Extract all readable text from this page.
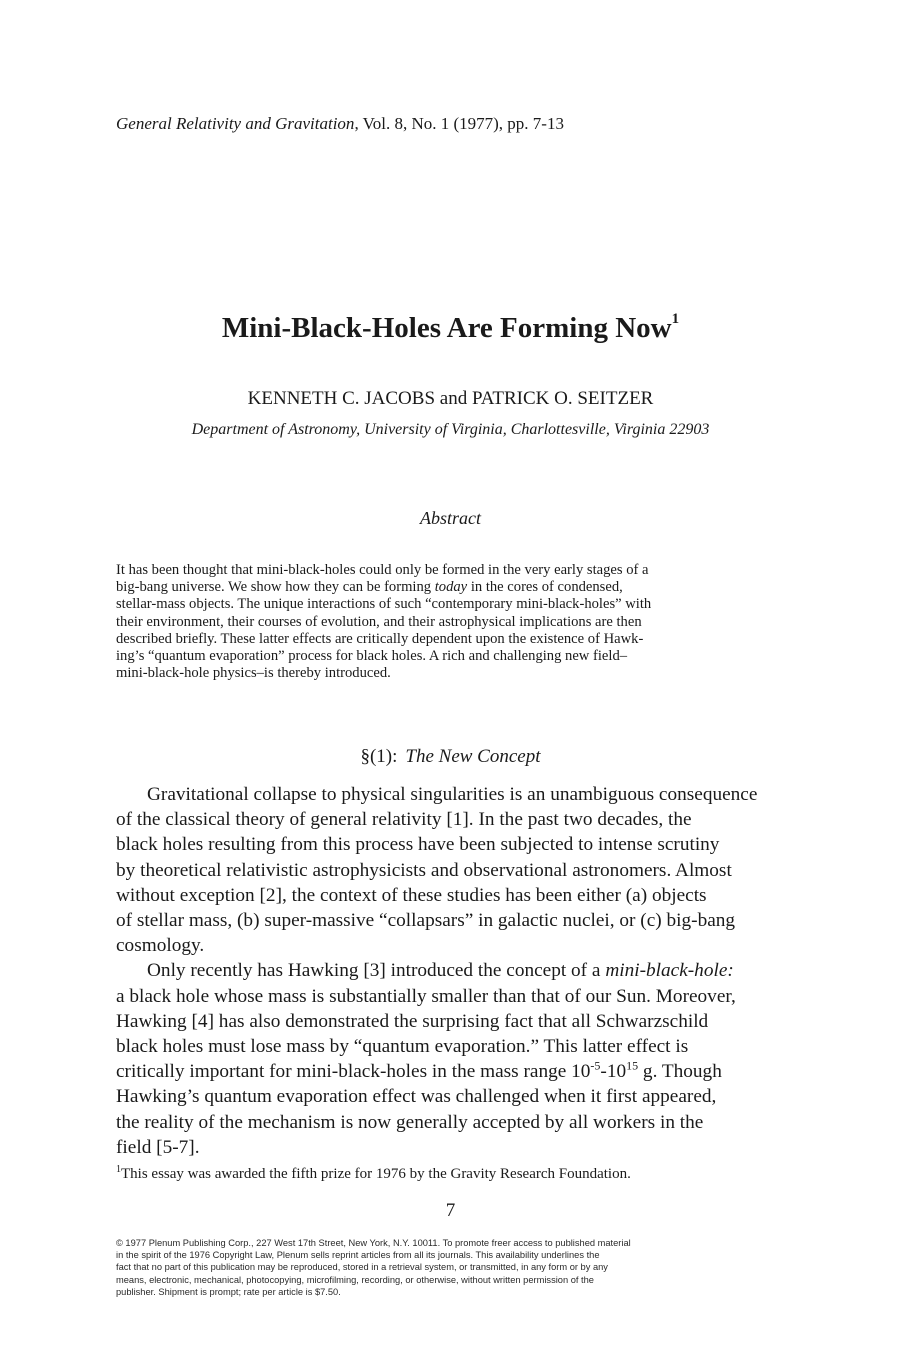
General Relativity and Gravitation, Vol. 8, No. 1 (1977), pp. 7-13
Mini-Black-Holes Are Forming Now$^1$
KENNETH C. JACOBS and PATRICK O. SEITZER
Department of Astronomy, University of Virginia, Charlottesville, Virginia 22903
Abstract
It has been thought that mini-black-holes could only be formed in the very early stages of a
big-bang universe. We show how they can be forming today in the cores of condensed,
stellar-mass objects. The unique interactions of such “contemporary mini-black-holes” with
their environment, their courses of evolution, and their astrophysical implications are then
described briefly. These latter effects are critically dependent upon the existence of Hawk-
ing’s “quantum evaporation” process for black holes. A rich and challenging new field–
mini-black-hole physics–is thereby introduced.
§(1): The New Concept
Gravitational collapse to physical singularities is an unambiguous consequence
of the classical theory of general relativity [1]. In the past two decades, the
black holes resulting from this process have been subjected to intense scrutiny
by theoretical relativistic astrophysicists and observational astronomers. Almost
without exception [2], the context of these studies has been either (a) objects
of stellar mass, (b) super-massive “collapsars” in galactic nuclei, or (c) big-bang
cosmology.
Only recently has Hawking [3] introduced the concept of a mini-black-hole:
a black hole whose mass is substantially smaller than that of our Sun. Moreover,
Hawking [4] has also demonstrated the surprising fact that all Schwarzschild
black holes must lose mass by “quantum evaporation.” This latter effect is
critically important for mini-black-holes in the mass range $10^{-5}-10^{15}$ g. Though
Hawking’s quantum evaporation effect was challenged when it first appeared,
the reality of the mechanism is now generally accepted by all workers in the
field [5-7].
$^1$This essay was awarded the fifth prize for 1976 by the Gravity Research Foundation.
7
© 1977 Plenum Publishing Corp., 227 West 17th Street, New York, N.Y. 10011. To promote freer access to published material
in the spirit of the 1976 Copyright Law, Plenum sells reprint articles from all its journals. This availability underlines the
fact that no part of this publication may be reproduced, stored in a retrieval system, or transmitted, in any form or by any
means, electronic, mechanical, photocopying, microfilming, recording, or otherwise, without written permission of the
publisher. Shipment is prompt; rate per article is $7.50.
